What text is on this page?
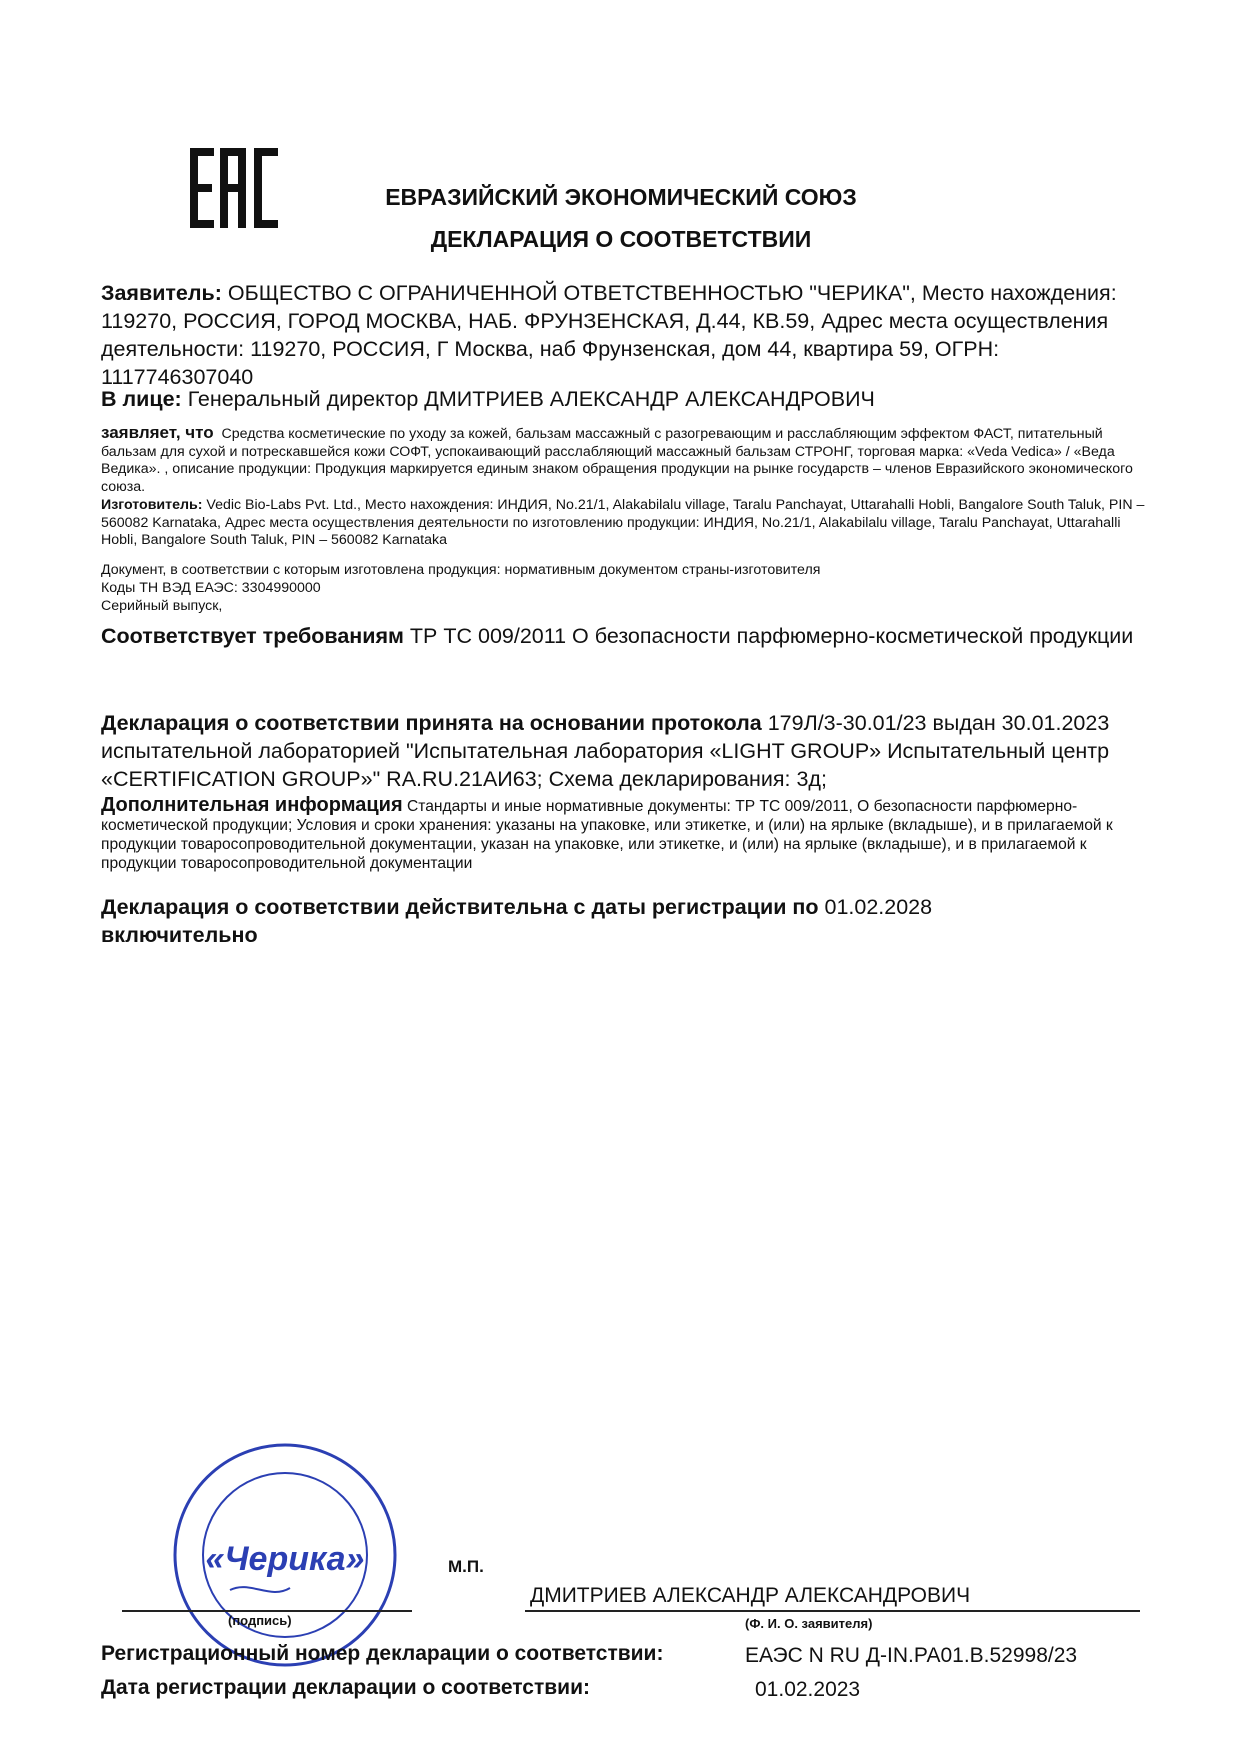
ЕВРАЗИЙСКИЙ ЭКОНОМИЧЕСКИЙ СОЮЗ
ДЕКЛАРАЦИЯ О СООТВЕТСТВИИ
Заявитель: ОБЩЕСТВО С ОГРАНИЧЕННОЙ ОТВЕТСТВЕННОСТЬЮ "ЧЕРИКА", Место нахождения: 119270, РОССИЯ, ГОРОД МОСКВА, НАБ. ФРУНЗЕНСКАЯ, Д.44, КВ.59, Адрес места осуществления деятельности: 119270, РОССИЯ, Г Москва, наб Фрунзенская, дом 44, квартира 59, ОГРН: 1117746307040
В лице: Генеральный директор ДМИТРИЕВ АЛЕКСАНДР АЛЕКСАНДРОВИЧ
заявляет, что Средства косметические по уходу за кожей, бальзам массажный с разогревающим и расслабляющим эффектом ФАСТ, питательный бальзам для сухой и потрескавшейся кожи СОФТ, успокаивающий расслабляющий массажный бальзам СТРОНГ, торговая марка: «Veda Vedica» / «Веда Ведика». , описание продукции: Продукция маркируется единым знаком обращения продукции на рынке государств – членов Евразийского экономического союза.
Изготовитель: Vedic Bio-Labs Pvt. Ltd., Место нахождения: ИНДИЯ, No.21/1, Alakabilalu village, Taralu Panchayat, Uttarahalli Hobli, Bangalore South Taluk, PIN – 560082 Karnataka, Адрес места осуществления деятельности по изготовлению продукции: ИНДИЯ, No.21/1, Alakabilalu village, Taralu Panchayat, Uttarahalli Hobli, Bangalore South Taluk, PIN – 560082 Karnataka
Документ, в соответствии с которым изготовлена продукция: нормативным документом страны-изготовителя
Коды ТН ВЭД ЕАЭС: 3304990000
Серийный выпуск,
Соответствует требованиям ТР ТС 009/2011 О безопасности парфюмерно-косметической продукции
Декларация о соответствии принята на основании протокола 179Л/3-30.01/23 выдан 30.01.2023 испытательной лабораторией "Испытательная лаборатория «LIGHT GROUP» Испытательный центр «CERTIFICATION GROUP»" RA.RU.21АИ63; Схема декларирования: 3д;
Дополнительная информация Стандарты и иные нормативные документы: ТР ТС 009/2011, О безопасности парфюмерно-косметической продукции; Условия и сроки хранения: указаны на упаковке, или этикетке, и (или) на ярлыке (вкладыше), и в прилагаемой к продукции товаросопроводительной документации, указан на упаковке, или этикетке, и (или) на ярлыке (вкладыше), и в прилагаемой к продукции товаросопроводительной документации
Декларация о соответствии действительна с даты регистрации по 01.02.2028
включительно
«Черика»	М.П.
(подпись)
ДМИТРИЕВ АЛЕКСАНДР АЛЕКСАНДРОВИЧ
(Ф. И. О. заявителя)
Регистрационный номер декларации о соответствии:	ЕАЭС N RU Д-IN.РА01.В.52998/23
Дата регистрации декларации о соответствии:	01.02.2023
